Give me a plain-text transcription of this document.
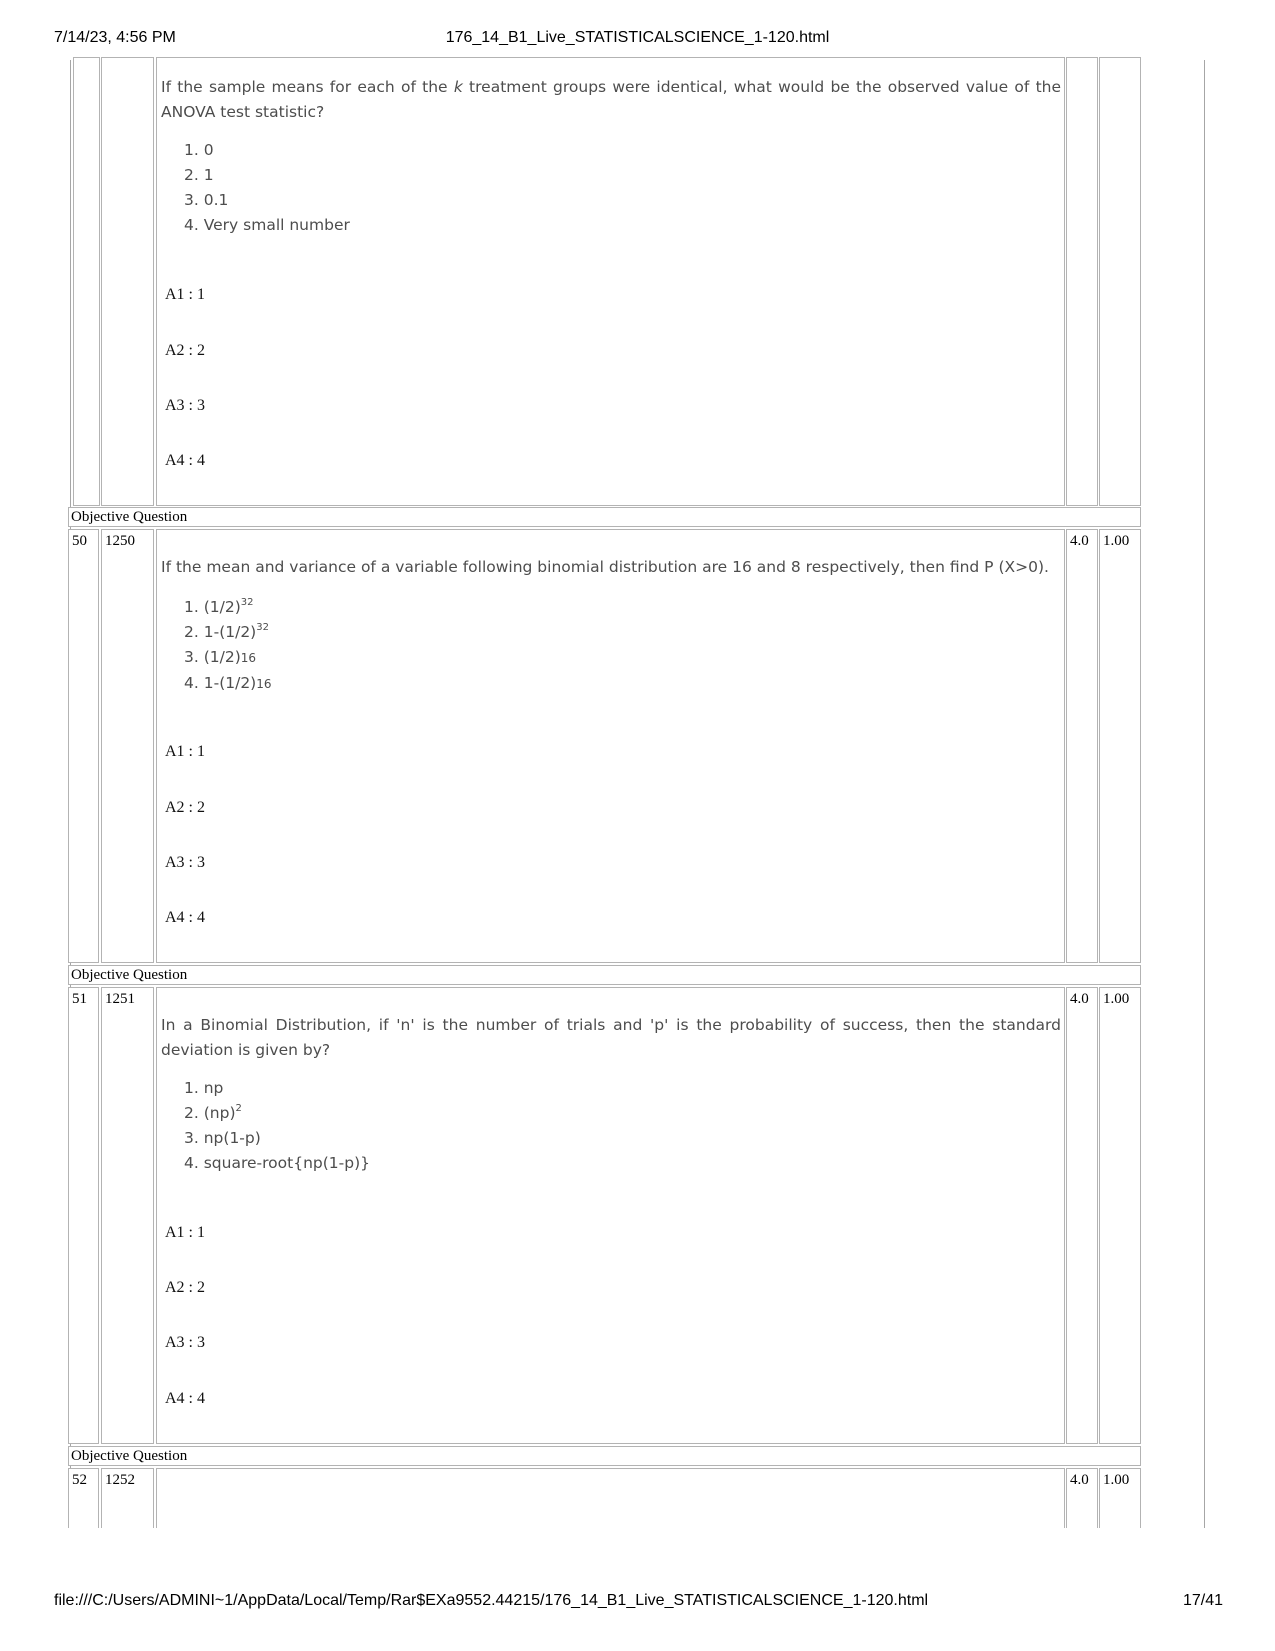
7/14/23, 4:56 PM	176_14_B1_Live_STATISTICALSCIENCE_1-120.html
If the sample means for each of the k treatment groups were identical, what would be the observed value of the ANOVA test statistic?
1. 0
2. 1
3. 0.1
4. Very small number
A1 : 1
A2 : 2
A3 : 3
A4 : 4
Objective Question
50 1250
If the mean and variance of a variable following binomial distribution are 16 and 8 respectively, then find P (X>0).
1. $(1/2)^{32}$
2. $1-(1/2)^{32}$
3. (1/2)16
4. 1-(1/2)16
A1 : 1
A2 : 2
A3 : 3
A4 : 4
4.0 1.00
Objective Question
51 1251
In a Binomial Distribution, if 'n' is the number of trials and 'p' is the probability of success, then the standard deviation is given by?
1. np
2. (np)$^2$
3. np(1-p)
4. square-root{np(1-p)}
A1 : 1
A2 : 2
A3 : 3
A4 : 4
4.0 1.00
Objective Question
52 1252	4.0 1.00
file:///C:/Users/ADMINI~1/AppData/Local/Temp/Rar$EXa9552.44215/176_14_B1_Live_STATISTICALSCIENCE_1-120.html	17/41
